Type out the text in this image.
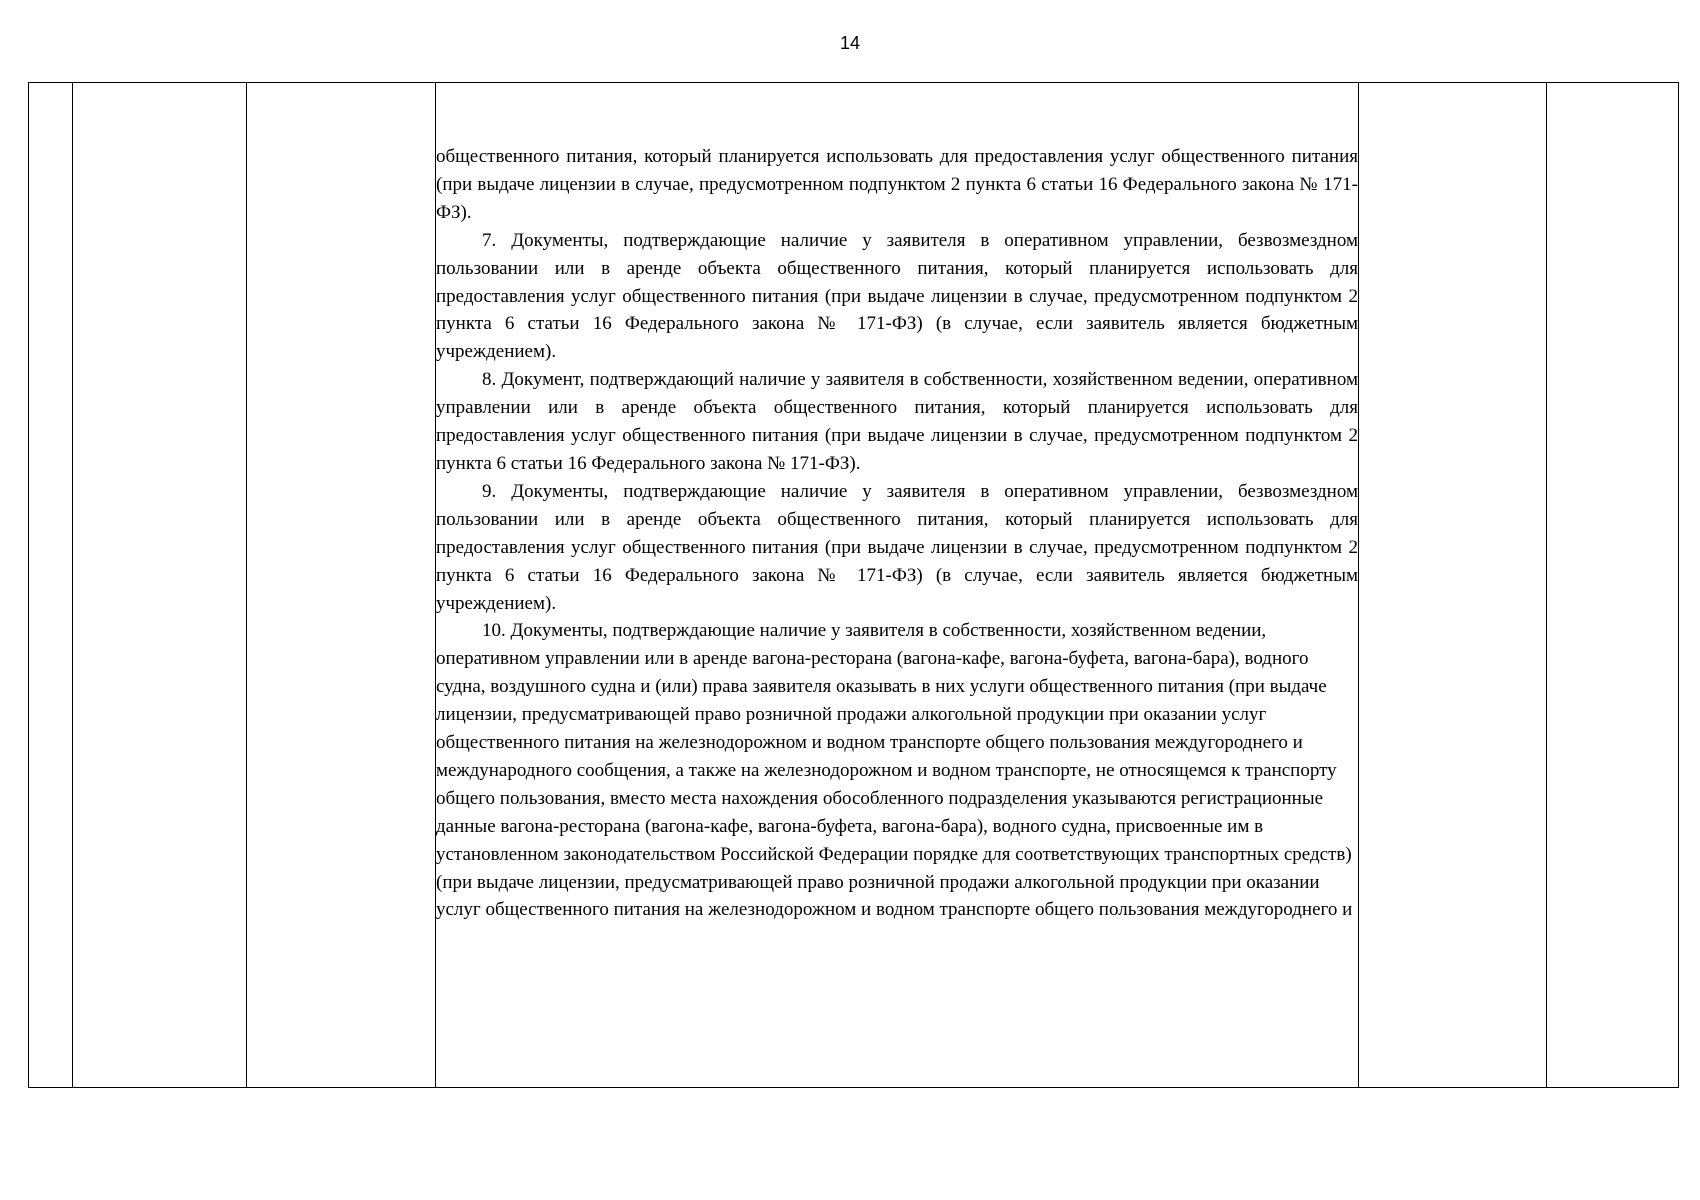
14

общественного питания, который планируется использовать для предоставления услуг общественного питания (при выдаче лицензии в случае, предусмотренном подпунктом 2 пункта 6 статьи 16 Федерального закона № 171-ФЗ).

7. Документы, подтверждающие наличие у заявителя в оперативном управлении, безвозмездном пользовании или в аренде объекта общественного питания, который планируется использовать для предоставления услуг общественного питания (при выдаче лицензии в случае, предусмотренном подпунктом 2 пункта 6 статьи 16 Федерального закона № 171-ФЗ) (в случае, если заявитель является бюджетным учреждением).

8. Документ, подтверждающий наличие у заявителя в собственности, хозяйственном ведении, оперативном управлении или в аренде объекта общественного питания, который планируется использовать для предоставления услуг общественного питания (при выдаче лицензии в случае, предусмотренном подпунктом 2 пункта 6 статьи 16 Федерального закона № 171-ФЗ).

9. Документы, подтверждающие наличие у заявителя в оперативном управлении, безвозмездном пользовании или в аренде объекта общественного питания, который планируется использовать для предоставления услуг общественного питания (при выдаче лицензии в случае, предусмотренном подпунктом 2 пункта 6 статьи 16 Федерального закона № 171-ФЗ) (в случае, если заявитель является бюджетным учреждением).

10. Документы, подтверждающие наличие у заявителя в собственности, хозяйственном ведении, оперативном управлении или в аренде вагона-ресторана (вагона-кафе, вагона-буфета, вагона-бара), водного судна, воздушного судна и (или) права заявителя оказывать в них услуги общественного питания (при выдаче лицензии, предусматривающей право розничной продажи алкогольной продукции при оказании услуг общественного питания на железнодорожном и водном транспорте общего пользования междугороднего и международного сообщения, а также на железнодорожном и водном транспорте, не относящемся к транспорту общего пользования, вместо места нахождения обособленного подразделения указываются регистрационные данные вагона-ресторана (вагона-кафе, вагона-буфета, вагона-бара), водного судна, присвоенные им в установленном законодательством Российской Федерации порядке для соответствующих транспортных средств) (при выдаче лицензии, предусматривающей право розничной продажи алкогольной продукции при оказании услуг общественного питания на железнодорожном и водном транспорте общего пользования междугороднего и
